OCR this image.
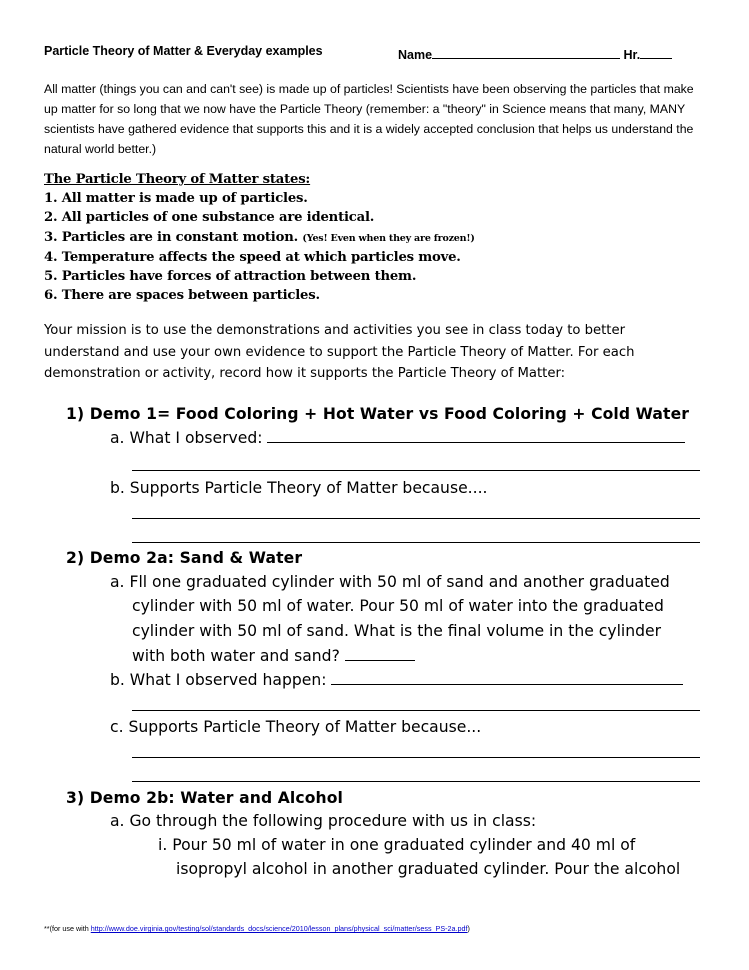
Particle Theory of Matter & Everyday examples	Name	Hr.
All matter (things you can and can't see) is made up of particles! Scientists have been observing the particles that make up matter for so long that we now have the Particle Theory (remember: a "theory" in Science means that many, MANY scientists have gathered evidence that supports this and it is a widely accepted conclusion that helps us understand the natural world better.)
The Particle Theory of Matter states:
1. All matter is made up of particles.
2. All particles of one substance are identical.
3. Particles are in constant motion. (Yes! Even when they are frozen!)
4. Temperature affects the speed at which particles move.
5. Particles have forces of attraction between them.
6. There are spaces between particles.
Your mission is to use the demonstrations and activities you see in class today to better understand and use your own evidence to support the Particle Theory of Matter. For each demonstration or activity, record how it supports the Particle Theory of Matter:
1) Demo 1= Food Coloring + Hot Water vs Food Coloring + Cold Water
a. What I observed:
b. Supports Particle Theory of Matter because....
2) Demo 2a: Sand & Water
a. Fll one graduated cylinder with 50 ml of sand and another graduated
cylinder with 50 ml of water. Pour 50 ml of water into the graduated
cylinder with 50 ml of sand. What is the final volume in the cylinder
with both water and sand?
b. What I observed happen:
c. Supports Particle Theory of Matter because...
3) Demo 2b: Water and Alcohol
a. Go through the following procedure with us in class:
i. Pour 50 ml of water in one graduated cylinder and 40 ml of
isopropyl alcohol in another graduated cylinder. Pour the alcohol
**(for use with http://www.doe.virginia.gov/testing/sol/standards_docs/science/2010/lesson_plans/physical_sci/matter/sess_PS-2a.pdf)
